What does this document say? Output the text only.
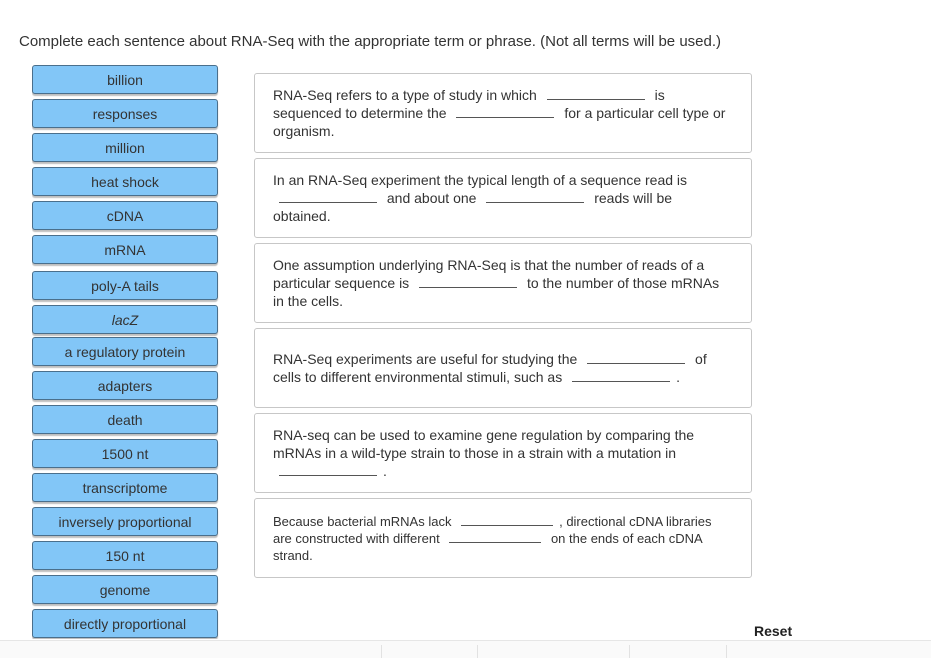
Complete each sentence about RNA-Seq with the appropriate term or phrase. (Not all terms will be used.)
billion
responses
million
heat shock
cDNA
mRNA
poly-A tails
lacZ
a regulatory protein
adapters
death
1500 nt
transcriptome
inversely proportional
150 nt
genome
directly proportional
RNA-Seq refers to a type of study in which	is sequenced to determine the	for a particular cell type or organism.
In an RNA-Seq experiment the typical length of a sequence read is  and about one	reads will be obtained.
One assumption underlying RNA-Seq is that the number of reads of a particular sequence is	to the number of those mRNAs in the cells.
RNA-Seq experiments are useful for studying the	of cells to different environmental stimuli, such as	.
RNA-seq can be used to examine gene regulation by comparing the mRNAs in a wild-type strain to those in a strain with a mutation in .
Because bacterial mRNAs lack	, directional cDNA libraries are constructed with different	on the ends of each cDNA strand.
Reset
